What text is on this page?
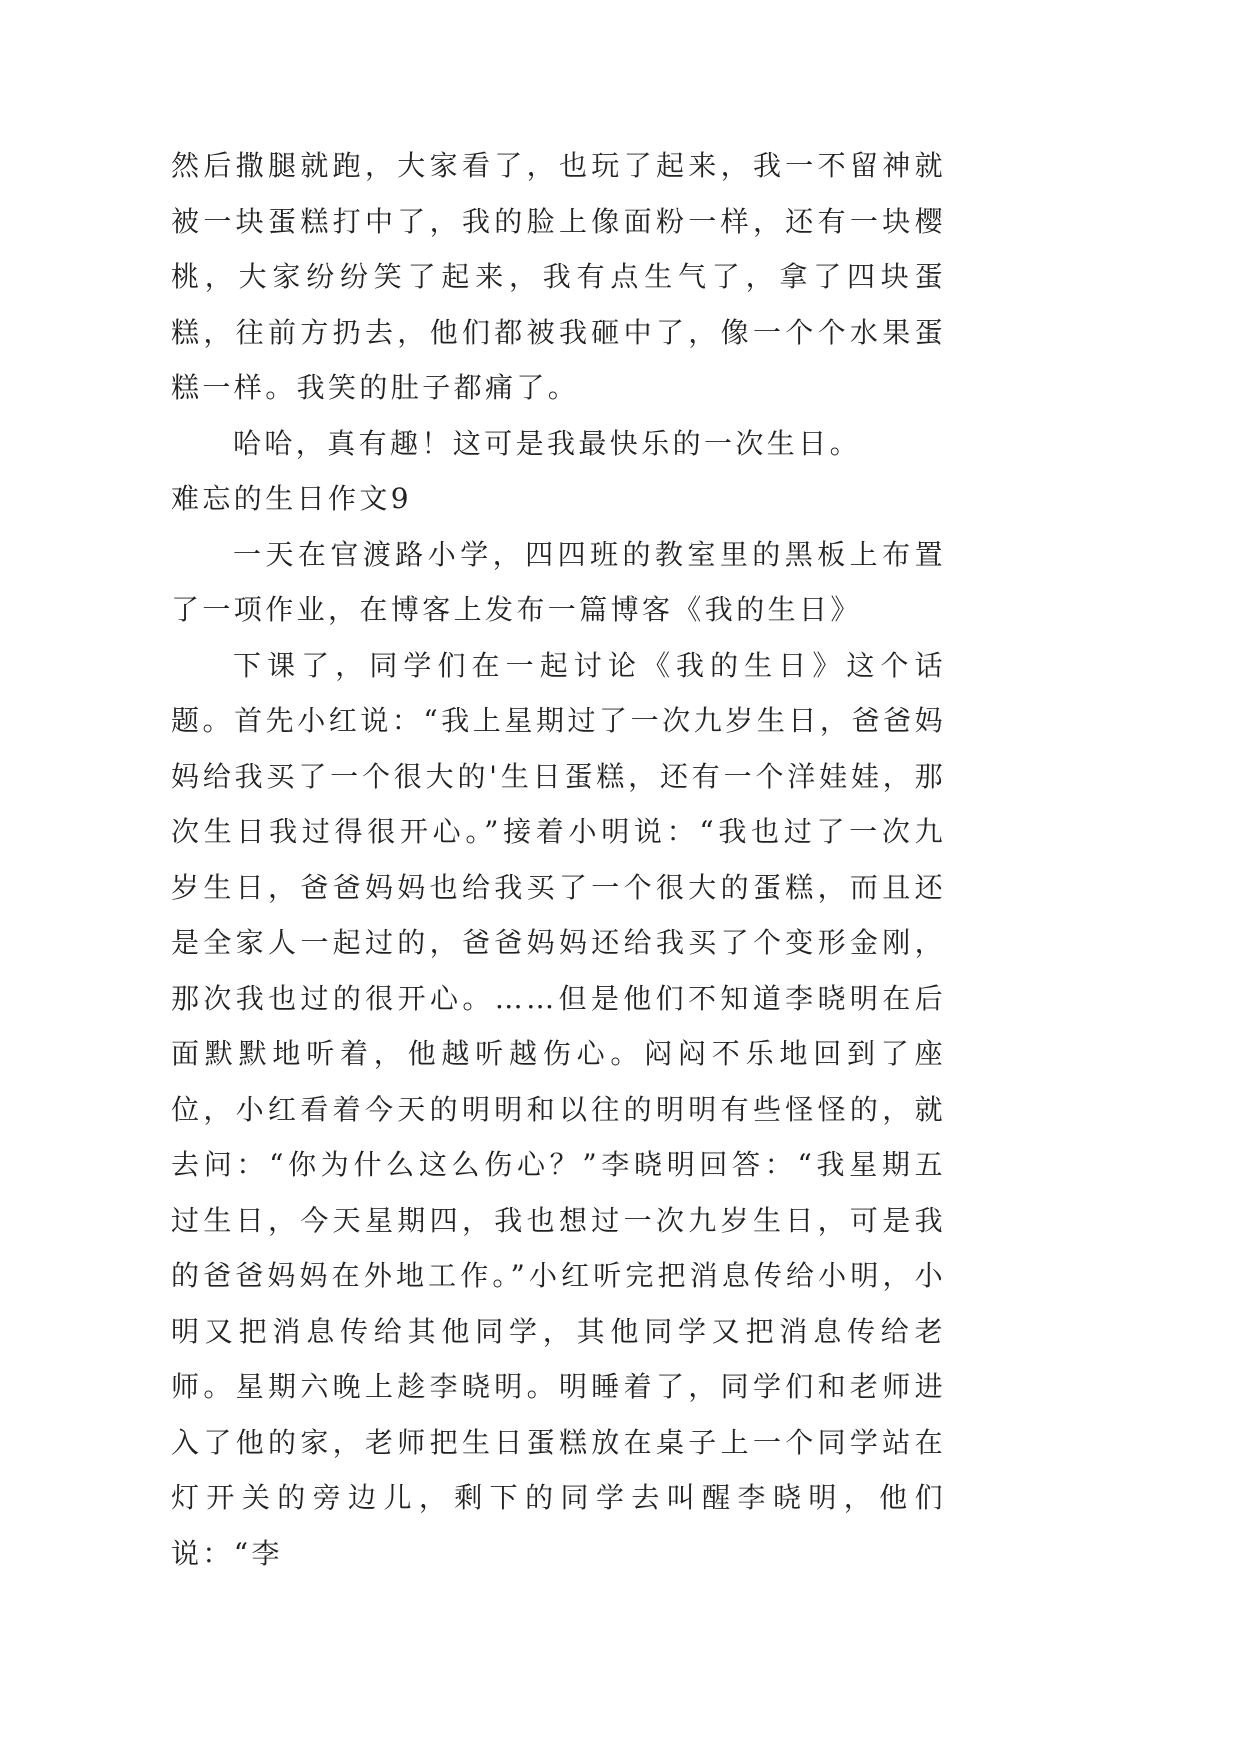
然后撒腿就跑，大家看了，也玩了起来，我一不留神就被一块蛋糕打中了，我的脸上像面粉一样，还有一块樱桃，大家纷纷笑了起来，我有点生气了，拿了四块蛋糕，往前方扔去，他们都被我砸中了，像一个个水果蛋糕一样。我笑的肚子都痛了。

哈哈，真有趣！这可是我最快乐的一次生日。

难忘的生日作文9

一天在官渡路小学，四四班的教室里的黑板上布置了一项作业，在博客上发布一篇博客《我的生日》

下课了，同学们在一起讨论《我的生日》这个话题。首先小红说：“我上星期过了一次九岁生日，爸爸妈妈给我买了一个很大的'生日蛋糕，还有一个洋娃娃，那次生日我过得很开心。”接着小明说：“我也过了一次九岁生日，爸爸妈妈也给我买了一个很大的蛋糕，而且还是全家人一起过的，爸爸妈妈还给我买了个变形金刚，那次我也过的很开心。……但是他们不知道李晓明在后面默默地听着，他越听越伤心。闷闷不乐地回到了座位，小红看着今天的明明和以往的明明有些怪怪的，就去问：“你为什么这么伤心？”李晓明回答：“我星期五过生日，今天星期四，我也想过一次九岁生日，可是我的爸爸妈妈在外地工作。”小红听完把消息传给小明，小明又把消息传给其他同学，其他同学又把消息传给老师。星期六晚上趁李晓明。明睡着了，同学们和老师进入了他的家，老师把生日蛋糕放在桌子上一个同学站在灯开关的旁边儿，剩下的同学去叫醒李晓明，他们说：“李
